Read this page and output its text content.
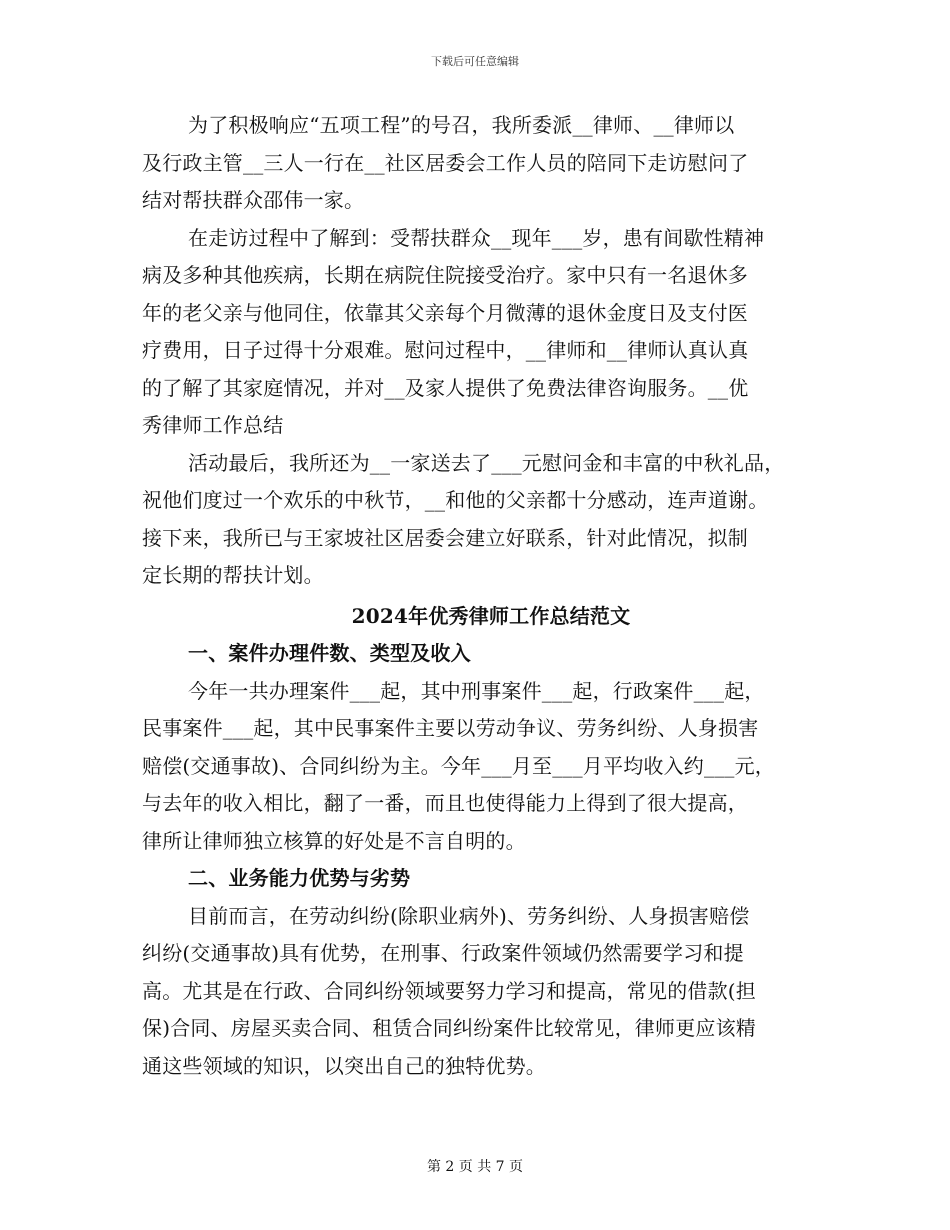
下载后可任意编辑
为了积极响应“五项工程”的号召，我所委派__律师、__律师以
及行政主管__三人一行在__社区居委会工作人员的陪同下走访慰问了
结对帮扶群众邵伟一家。
在走访过程中了解到：受帮扶群众__现年___岁，患有间歇性精神
病及多种其他疾病，长期在病院住院接受治疗。家中只有一名退休多
年的老父亲与他同住，依靠其父亲每个月微薄的退休金度日及支付医
疗费用，日子过得十分艰难。慰问过程中，__律师和__律师认真认真
的了解了其家庭情况，并对__及家人提供了免费法律咨询服务。__优
秀律师工作总结
活动最后，我所还为__一家送去了___元慰问金和丰富的中秋礼品，
祝他们度过一个欢乐的中秋节，__和他的父亲都十分感动，连声道谢。
接下来，我所已与王家坡社区居委会建立好联系，针对此情况，拟制
定长期的帮扶计划。
2024年优秀律师工作总结范文
一、案件办理件数、类型及收入
今年一共办理案件___起，其中刑事案件___起，行政案件___起，
民事案件___起，其中民事案件主要以劳动争议、劳务纠纷、人身损害
赔偿(交通事故)、合同纠纷为主。今年___月至___月平均收入约___元，
与去年的收入相比，翻了一番，而且也使得能力上得到了很大提高，
律所让律师独立核算的好处是不言自明的。
二、业务能力优势与劣势
目前而言，在劳动纠纷(除职业病外)、劳务纠纷、人身损害赔偿
纠纷(交通事故)具有优势，在刑事、行政案件领域仍然需要学习和提
高。尤其是在行政、合同纠纷领域要努力学习和提高，常见的借款(担
保)合同、房屋买卖合同、租赁合同纠纷案件比较常见，律师更应该精
通这些领域的知识，以突出自己的独特优势。
第 2 页 共 7 页
